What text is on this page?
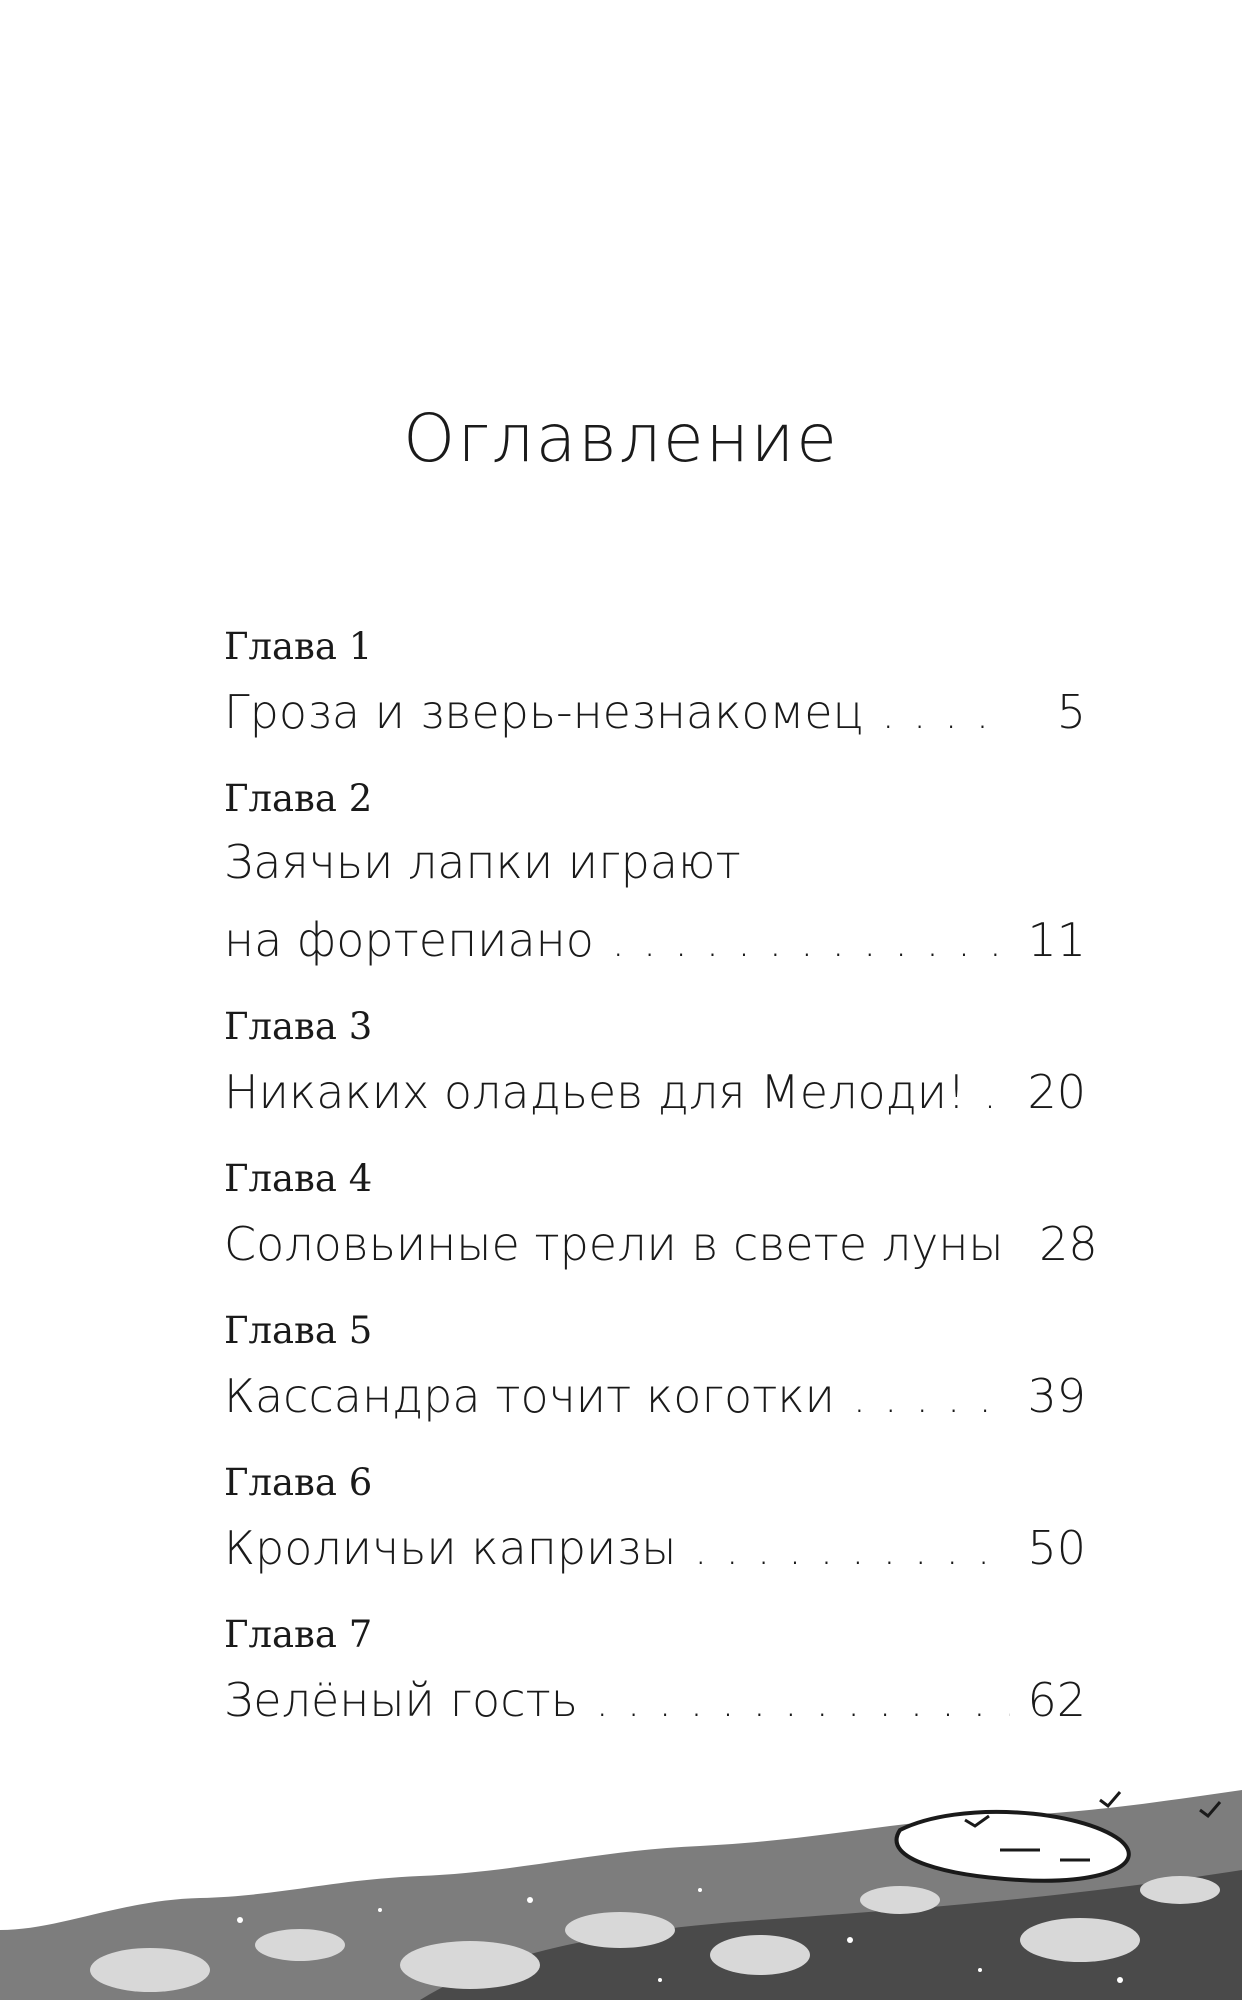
Оглавление
Глава 1
Гроза и зверь-незнакомец . . .	5
Глава 2
Заячьи лапки играют
на фортепиано . . .	11
Глава 3
Никаких оладьев для Мелоди! . . . 20
Глава 4
Соловьиные трели в свете луны 28
Глава 5
Кассандра точит коготки . . .	39
Глава 6
Кроличьи капризы . . .	50
Глава 7
Зелёный гость . . .	62
